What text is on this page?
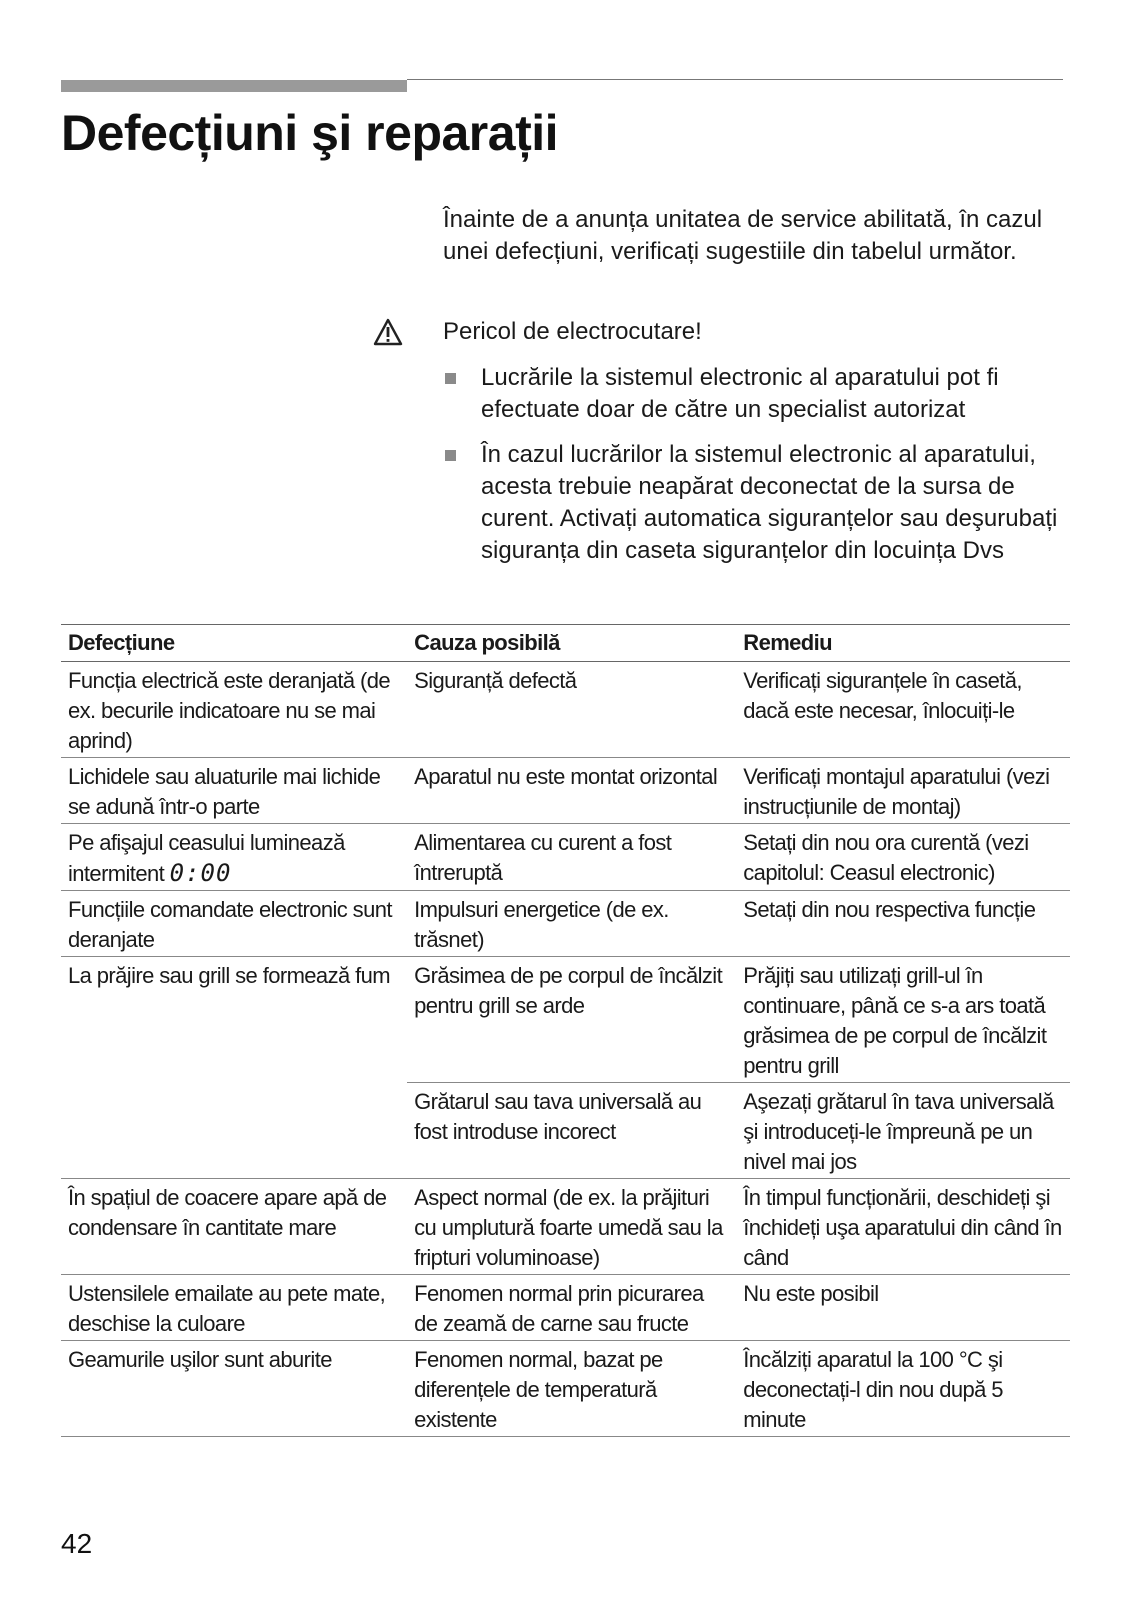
Defecțiuni şi reparații

Înainte de a anunța unitatea de service abilitată, în cazul unei defecțiuni, verificați sugestiile din tabelul următor.

Pericol de electrocutare!
Lucrările la sistemul electronic al aparatului pot fi efectuate doar de către un specialist autorizat
În cazul lucrărilor la sistemul electronic al aparatului, acesta trebuie neapărat deconectat de la sursa de curent. Activați automatica siguranțelor sau deşurubați siguranța din caseta siguranțelor din locuința Dvs
Defecțiune	Cauza posibilă	Remediu
Funcția electrică este deranjată (de ex. becurile indicatoare nu se mai aprind)	Siguranță defectă	Verificați siguranțele în casetă, dacă este necesar, înlocuiți-le
Lichidele sau aluaturile mai lichide se adună într-o parte	Aparatul nu este montat orizontal	Verificați montajul aparatului (vezi instrucțiunile de montaj)
Pe afişajul ceasului luminează intermitent 0:00	Alimentarea cu curent a fost întreruptă	Setați din nou ora curentă (vezi capitolul: Ceasul electronic)
Funcțiile comandate electronic sunt deranjate	Impulsuri energetice (de ex. trăsnet)	Setați din nou respectiva funcție
La prăjire sau grill se formează fum	Grăsimea de pe corpul de încălzit pentru grill se arde	Prăjiți sau utilizați grill-ul în continuare, până ce s-a ars toată grăsimea de pe corpul de încălzit pentru grill
	Grătarul sau tava universală au fost introduse incorect	Aşezați grătarul în tava universală şi introduceți-le împreună pe un nivel mai jos
În spațiul de coacere apare apă de condensare în cantitate mare	Aspect normal (de ex. la prăjituri cu umplutură foarte umedă sau la fripturi voluminoase)	În timpul funcționării, deschideți şi închideți uşa aparatului din când în când
Ustensilele emailate au pete mate, deschise la culoare	Fenomen normal prin picurarea de zeamă de carne sau fructe	Nu este posibil
Geamurile uşilor sunt aburite	Fenomen normal, bazat pe diferențele de temperatură existente	Încălziți aparatul la 100 °C şi deconectați-l din nou după 5 minute
42
